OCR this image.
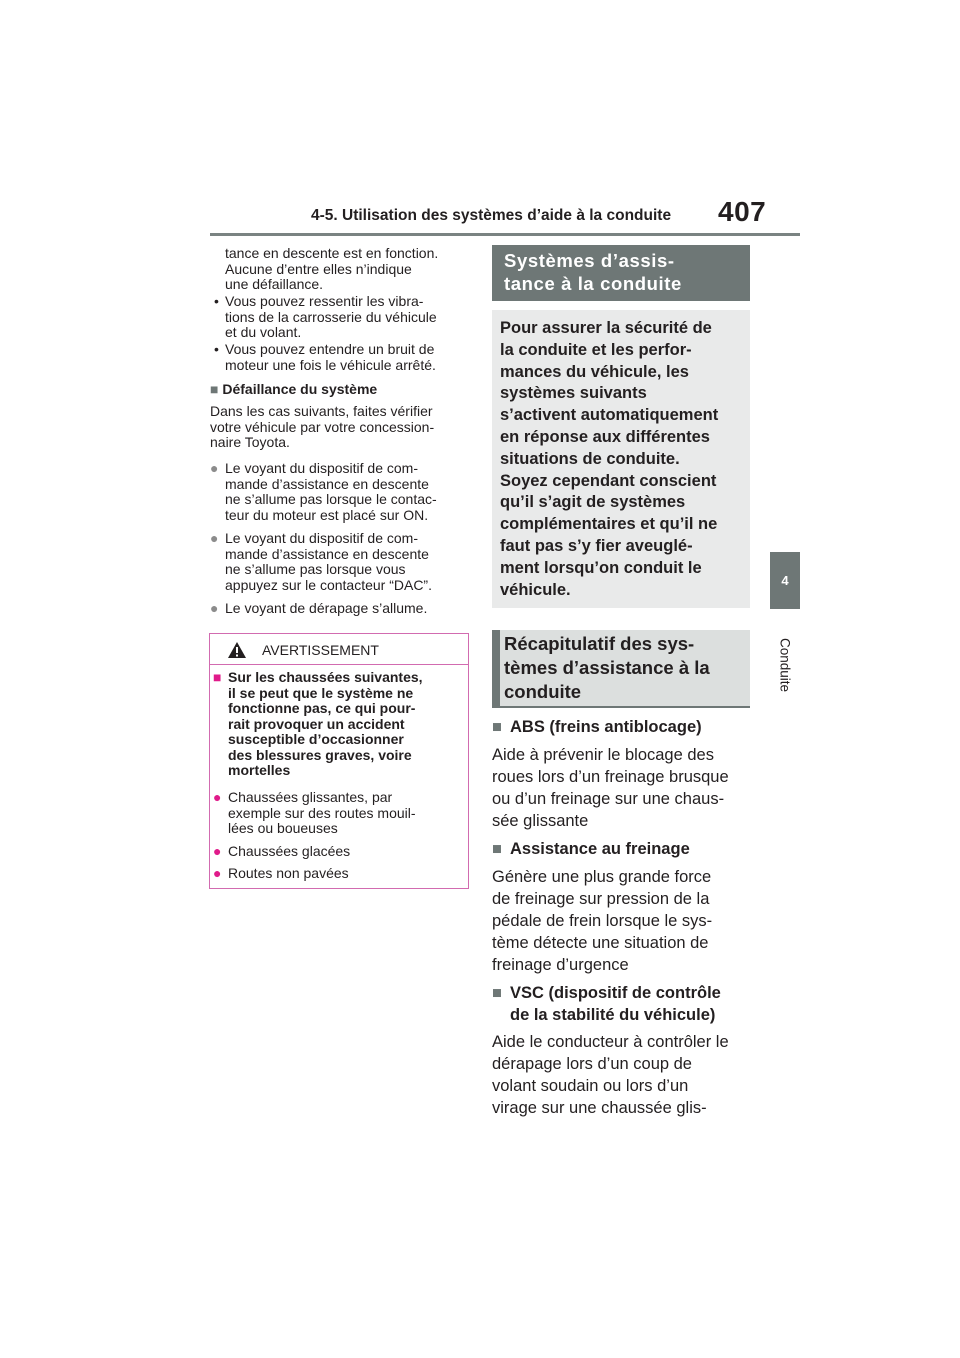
4-5. Utilisation des systèmes d’aide à la conduite 407
4
Conduite
tance en descente est en fonction.
Aucune d’entre elles n’indique
une défaillance.
• Vous pouvez ressentir les vibra-
tions de la carrosserie du véhicule
et du volant.
• Vous pouvez entendre un bruit de
moteur une fois le véhicule arrêté.
■ Défaillance du système
Dans les cas suivants, faites vérifier
votre véhicule par votre concession-
naire Toyota.
● Le voyant du dispositif de com-
mande d’assistance en descente
ne s’allume pas lorsque le contac-
teur du moteur est placé sur ON.
● Le voyant du dispositif de com-
mande d’assistance en descente
ne s’allume pas lorsque vous
appuyez sur le contacteur “DAC”.
● Le voyant de dérapage s’allume.
AVERTISSEMENT
■ Sur les chaussées suivantes,
il se peut que le système ne
fonctionne pas, ce qui pour-
rait provoquer un accident
susceptible d’occasionner
des blessures graves, voire
mortelles
● Chaussées glissantes, par
exemple sur des routes mouil-
lées ou boueuses
● Chaussées glacées
● Routes non pavées
Systèmes d’assis-
tance à la conduite
Pour assurer la sécurité de
la conduite et les perfor-
mances du véhicule, les
systèmes suivants
s’activent automatiquement
en réponse aux différentes
situations de conduite.
Soyez cependant conscient
qu’il s’agit de systèmes
complémentaires et qu’il ne
faut pas s’y fier aveuglé-
ment lorsqu’on conduit le
véhicule.
Récapitulatif des sys-
tèmes d’assistance à la
conduite
■ ABS (freins antiblocage)
Aide à prévenir le blocage des
roues lors d’un freinage brusque
ou d’un freinage sur une chaus-
sée glissante
■ Assistance au freinage
Génère une plus grande force
de freinage sur pression de la
pédale de frein lorsque le sys-
tème détecte une situation de
freinage d’urgence
■ VSC (dispositif de contrôle
de la stabilité du véhicule)
Aide le conducteur à contrôler le
dérapage lors d’un coup de
volant soudain ou lors d’un
virage sur une chaussée glis-
